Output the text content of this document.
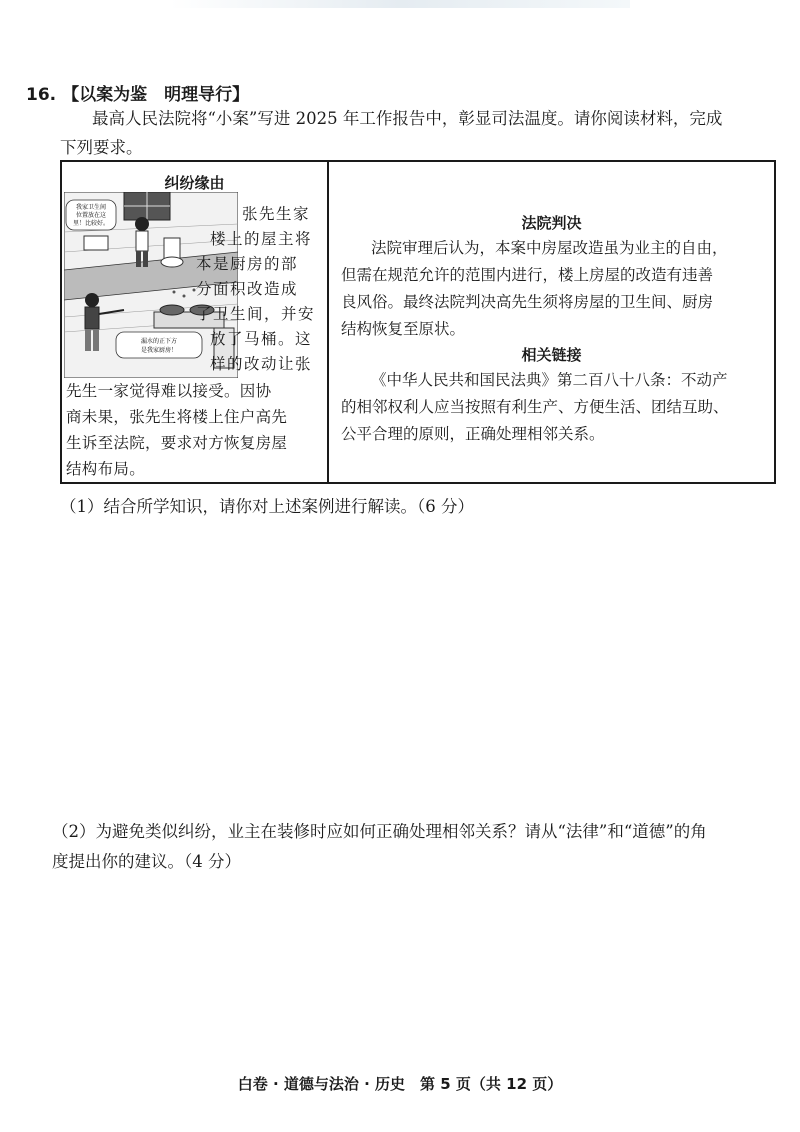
16. 【以案为鉴　明理导行】
最高人民法院将“小案”写进 2025 年工作报告中，彰显司法温度。请你阅读材料，完成
下列要求。
纠纷缘由
我家卫生间
位置放在这
里！比较好。
漏水的正下方
是我家厨房！
张先生家
楼上的屋主将
本是厨房的部
分面积改造成
了卫生间，并安
放了马桶。这
样的改动让张
先生一家觉得难以接受。因协
商未果，张先生将楼上住户高先
生诉至法院，要求对方恢复房屋
结构布局。
法院判决
法院审理后认为，本案中房屋改造虽为业主的自由，
但需在规范允许的范围内进行，楼上房屋的改造有违善
良风俗。最终法院判决高先生须将房屋的卫生间、厨房
结构恢复至原状。
相关链接
《中华人民共和国民法典》第二百八十八条：不动产
的相邻权利人应当按照有利生产、方便生活、团结互助、
公平合理的原则，正确处理相邻关系。
（1）结合所学知识，请你对上述案例进行解读。（6 分）
（2）为避免类似纠纷，业主在装修时应如何正确处理相邻关系？请从“法律”和“道德”的角
度提出你的建议。（4 分）
白卷 · 道德与法治 · 历史　第 5 页（共 12 页）
